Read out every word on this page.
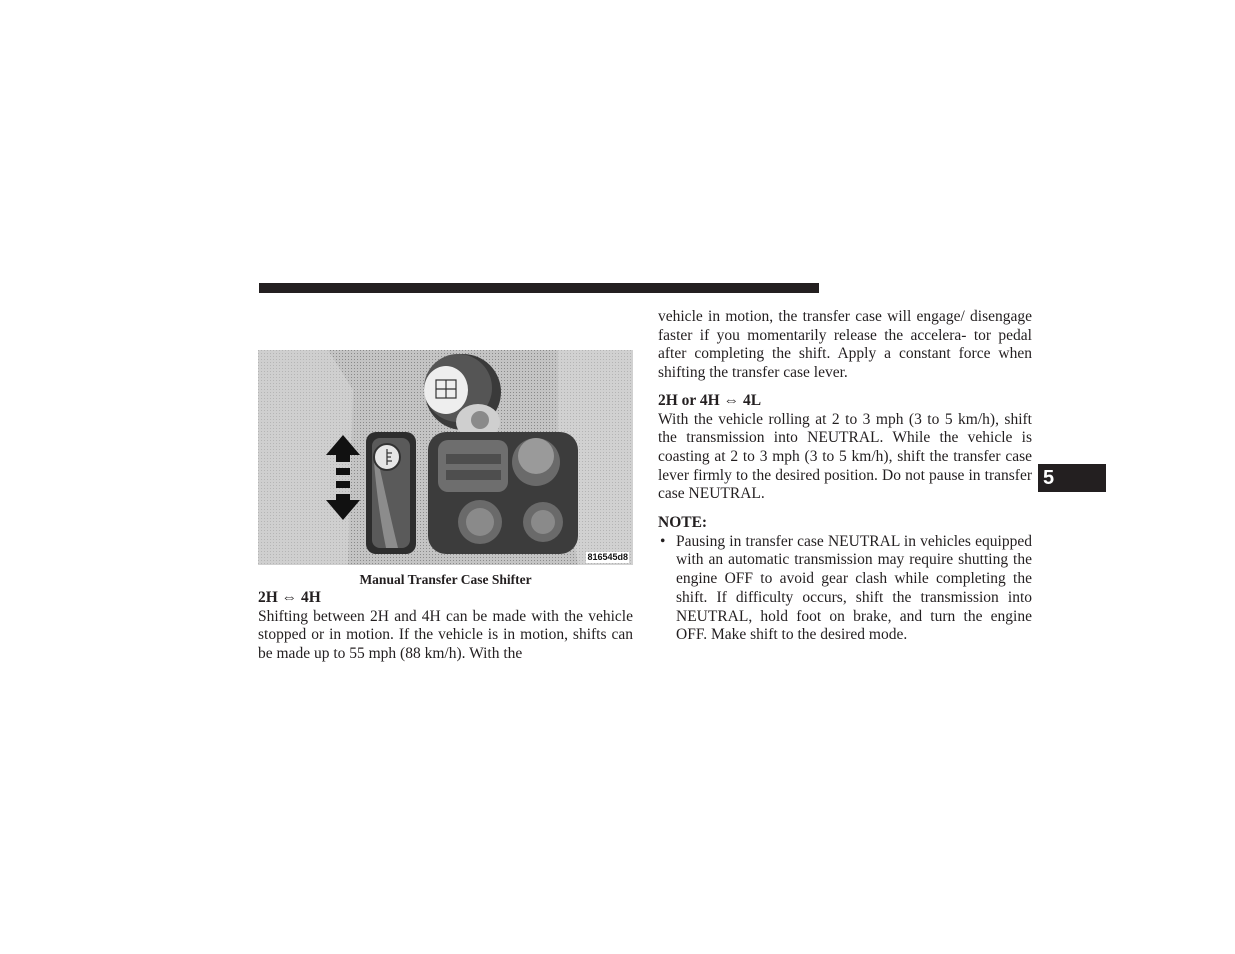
816545d8
Manual Transfer Case Shifter

2H ⇔ 4H

Shifting between 2H and 4H can be made with the vehicle stopped or in motion. If the vehicle is in motion, shifts can be made up to 55 mph (88 km/h). With the

vehicle in motion, the transfer case will engage/ disengage faster if you momentarily release the accelera- tor pedal after completing the shift. Apply a constant force when shifting the transfer case lever.

2H or 4H ⇔ 4L

With the vehicle rolling at 2 to 3 mph (3 to 5 km/h), shift the transmission into NEUTRAL. While the vehicle is coasting at 2 to 3 mph (3 to 5 km/h), shift the transfer case lever firmly to the desired position. Do not pause in transfer case NEUTRAL.

NOTE:

• Pausing in transfer case NEUTRAL in vehicles equipped with an automatic transmission may require shutting the engine OFF to avoid gear clash while completing the shift. If difficulty occurs, shift the transmission into NEUTRAL, hold foot on brake, and turn the engine OFF. Make shift to the desired mode.
5
